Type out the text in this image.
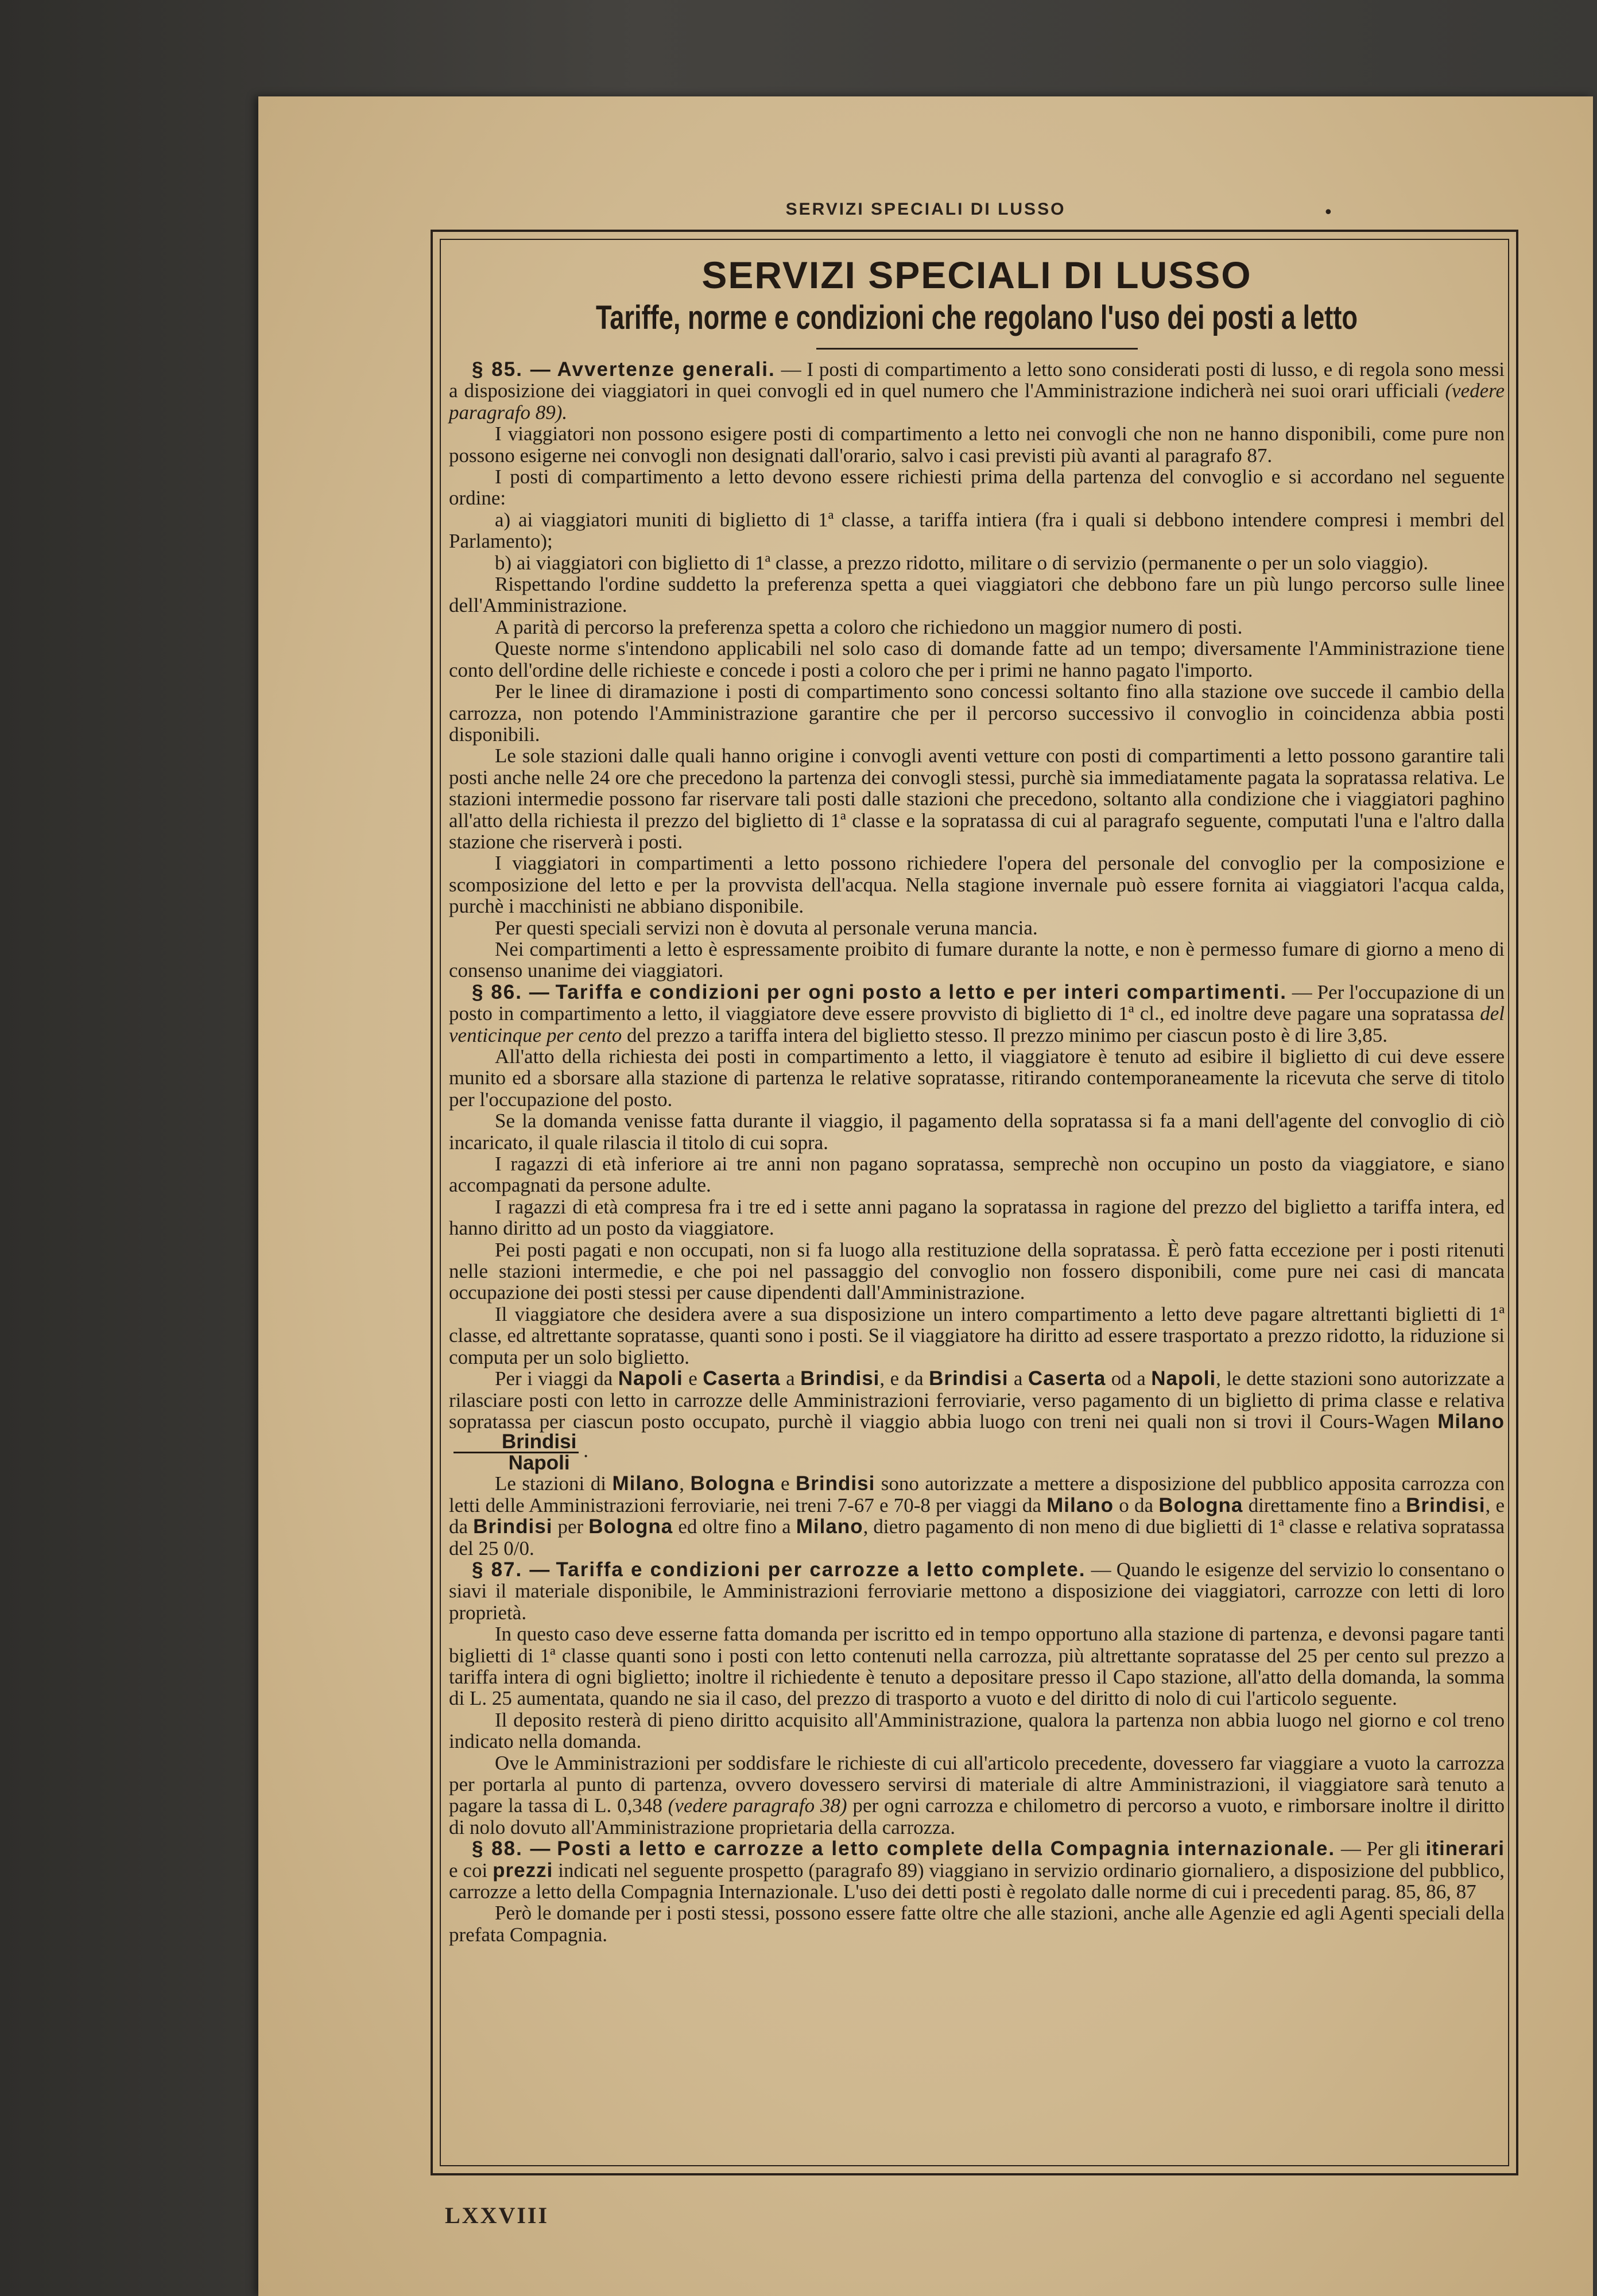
SERVIZI SPECIALI DI LUSSO	•
SERVIZI SPECIALI DI LUSSO
Tariffe, norme e condizioni che regolano l'uso dei posti a letto

§ 85. — Avvertenze generali. — I posti di compartimento a letto sono considerati posti di lusso, e di regola sono messi a disposizione dei viaggiatori in quei convogli ed in quel numero che l'Amministrazione indicherà nei suoi orari ufficiali (vedere paragrafo 89).

I viaggiatori non possono esigere posti di compartimento a letto nei convogli che non ne hanno disponibili, come pure non possono esigerne nei convogli non designati dall'orario, salvo i casi previsti più avanti al paragrafo 87.

I posti di compartimento a letto devono essere richiesti prima della partenza del convoglio e si accordano nel seguente ordine:

a) ai viaggiatori muniti di biglietto di 1ª classe, a tariffa intiera (fra i quali si debbono intendere compresi i membri del Parlamento);

b) ai viaggiatori con biglietto di 1ª classe, a prezzo ridotto, militare o di servizio (permanente o per un solo viaggio).

Rispettando l'ordine suddetto la preferenza spetta a quei viaggiatori che debbono fare un più lungo percorso sulle linee dell'Amministrazione.

A parità di percorso la preferenza spetta a coloro che richiedono un maggior numero di posti.

Queste norme s'intendono applicabili nel solo caso di domande fatte ad un tempo; diversamente l'Amministrazione tiene conto dell'ordine delle richieste e concede i posti a coloro che per i primi ne hanno pagato l'importo.

Per le linee di diramazione i posti di compartimento sono concessi soltanto fino alla stazione ove succede il cambio della carrozza, non potendo l'Amministrazione garantire che per il percorso successivo il convoglio in coincidenza abbia posti disponibili.

Le sole stazioni dalle quali hanno origine i convogli aventi vetture con posti di compartimenti a letto possono garantire tali posti anche nelle 24 ore che precedono la partenza dei convogli stessi, purchè sia immediatamente pagata la sopratassa relativa. Le stazioni intermedie possono far riservare tali posti dalle stazioni che precedono, soltanto alla condizione che i viaggiatori paghino all'atto della richiesta il prezzo del biglietto di 1ª classe e la sopratassa di cui al paragrafo seguente, computati l'una e l'altro dalla stazione che riserverà i posti.

I viaggiatori in compartimenti a letto possono richiedere l'opera del personale del convoglio per la composizione e scomposizione del letto e per la provvista dell'acqua. Nella stagione invernale può essere fornita ai viaggiatori l'acqua calda, purchè i macchinisti ne abbiano disponibile.

Per questi speciali servizi non è dovuta al personale veruna mancia.

Nei compartimenti a letto è espressamente proibito di fumare durante la notte, e non è permesso fumare di giorno a meno di consenso unanime dei viaggiatori.

§ 86. — Tariffa e condizioni per ogni posto a letto e per interi compartimenti. — Per l'occupazione di un posto in compartimento a letto, il viaggiatore deve essere provvisto di biglietto di 1ª cl., ed inoltre deve pagare una sopratassa del venticinque per cento del prezzo a tariffa intera del biglietto stesso. Il prezzo minimo per ciascun posto è di lire 3,85.

All'atto della richiesta dei posti in compartimento a letto, il viaggiatore è tenuto ad esibire il biglietto di cui deve essere munito ed a sborsare alla stazione di partenza le relative sopratasse, ritirando contemporaneamente la ricevuta che serve di titolo per l'occupazione del posto.

Se la domanda venisse fatta durante il viaggio, il pagamento della sopratassa si fa a mani dell'agente del convoglio di ciò incaricato, il quale rilascia il titolo di cui sopra.

I ragazzi di età inferiore ai tre anni non pagano sopratassa, semprechè non occupino un posto da viaggiatore, e siano accompagnati da persone adulte.

I ragazzi di età compresa fra i tre ed i sette anni pagano la sopratassa in ragione del prezzo del biglietto a tariffa intera, ed hanno diritto ad un posto da viaggiatore.

Pei posti pagati e non occupati, non si fa luogo alla restituzione della sopratassa. È però fatta eccezione per i posti ritenuti nelle stazioni intermedie, e che poi nel passaggio del convoglio non fossero disponibili, come pure nei casi di mancata occupazione dei posti stessi per cause dipendenti dall'Amministrazione.

Il viaggiatore che desidera avere a sua disposizione un intero compartimento a letto deve pagare altrettanti biglietti di 1ª classe, ed altrettante sopratasse, quanti sono i posti. Se il viaggiatore ha diritto ad essere trasportato a prezzo ridotto, la riduzione si computa per un solo biglietto.

Per i viaggi da Napoli e Caserta a Brindisi, e da Brindisi a Caserta od a Napoli, le dette stazioni sono autorizzate a rilasciare posti con letto in carrozze delle Amministrazioni ferroviarie, verso pagamento di un biglietto di prima classe e relativa sopratassa per ciascun posto occupato, purchè il viaggio abbia luogo con treni nei quali non si trovi il Cours-Wagen Milano
$\frac{\text{Brindisi}}{\text{Napoli}}$ .

Le stazioni di Milano, Bologna e Brindisi sono autorizzate a mettere a disposizione del pubblico apposita carrozza con letti delle Amministrazioni ferroviarie, nei treni 7-67 e 70-8 per viaggi da Milano o da Bologna direttamente fino a Brindisi, e da Brindisi per Bologna ed oltre fino a Milano, dietro pagamento di non meno di due biglietti di 1ª classe e relativa sopratassa del 25 0/0.

§ 87. — Tariffa e condizioni per carrozze a letto complete. — Quando le esigenze del servizio lo consentano o siavi il materiale disponibile, le Amministrazioni ferroviarie mettono a disposizione dei viaggiatori, carrozze con letti di loro proprietà.

In questo caso deve esserne fatta domanda per iscritto ed in tempo opportuno alla stazione di partenza, e devonsi pagare tanti biglietti di 1ª classe quanti sono i posti con letto contenuti nella carrozza, più altrettante sopratasse del 25 per cento sul prezzo a tariffa intera di ogni biglietto; inoltre il richiedente è tenuto a depositare presso il Capo stazione, all'atto della domanda, la somma di L. 25 aumentata, quando ne sia il caso, del prezzo di trasporto a vuoto e del diritto di nolo di cui l'articolo seguente.

Il deposito resterà di pieno diritto acquisito all'Amministrazione, qualora la partenza non abbia luogo nel giorno e col treno indicato nella domanda.

Ove le Amministrazioni per soddisfare le richieste di cui all'articolo precedente, dovessero far viaggiare a vuoto la carrozza per portarla al punto di partenza, ovvero dovessero servirsi di materiale di altre Amministrazioni, il viaggiatore sarà tenuto a pagare la tassa di L. 0,348 (vedere paragrafo 38) per ogni carrozza e chilometro di percorso a vuoto, e rimborsare inoltre il diritto di nolo dovuto all'Amministrazione proprietaria della carrozza.

§ 88. — Posti a letto e carrozze a letto complete della Compagnia internazionale. — Per gli itinerari e coi prezzi indicati nel seguente prospetto (paragrafo 89) viaggiano in servizio ordinario giornaliero, a disposizione del pubblico, carrozze a letto della Compagnia Internazionale. L'uso dei detti posti è regolato dalle norme di cui i precedenti parag. 85, 86, 87

Però le domande per i posti stessi, possono essere fatte oltre che alle stazioni, anche alle Agenzie ed agli Agenti speciali della prefata Compagnia.

LXXVIII
